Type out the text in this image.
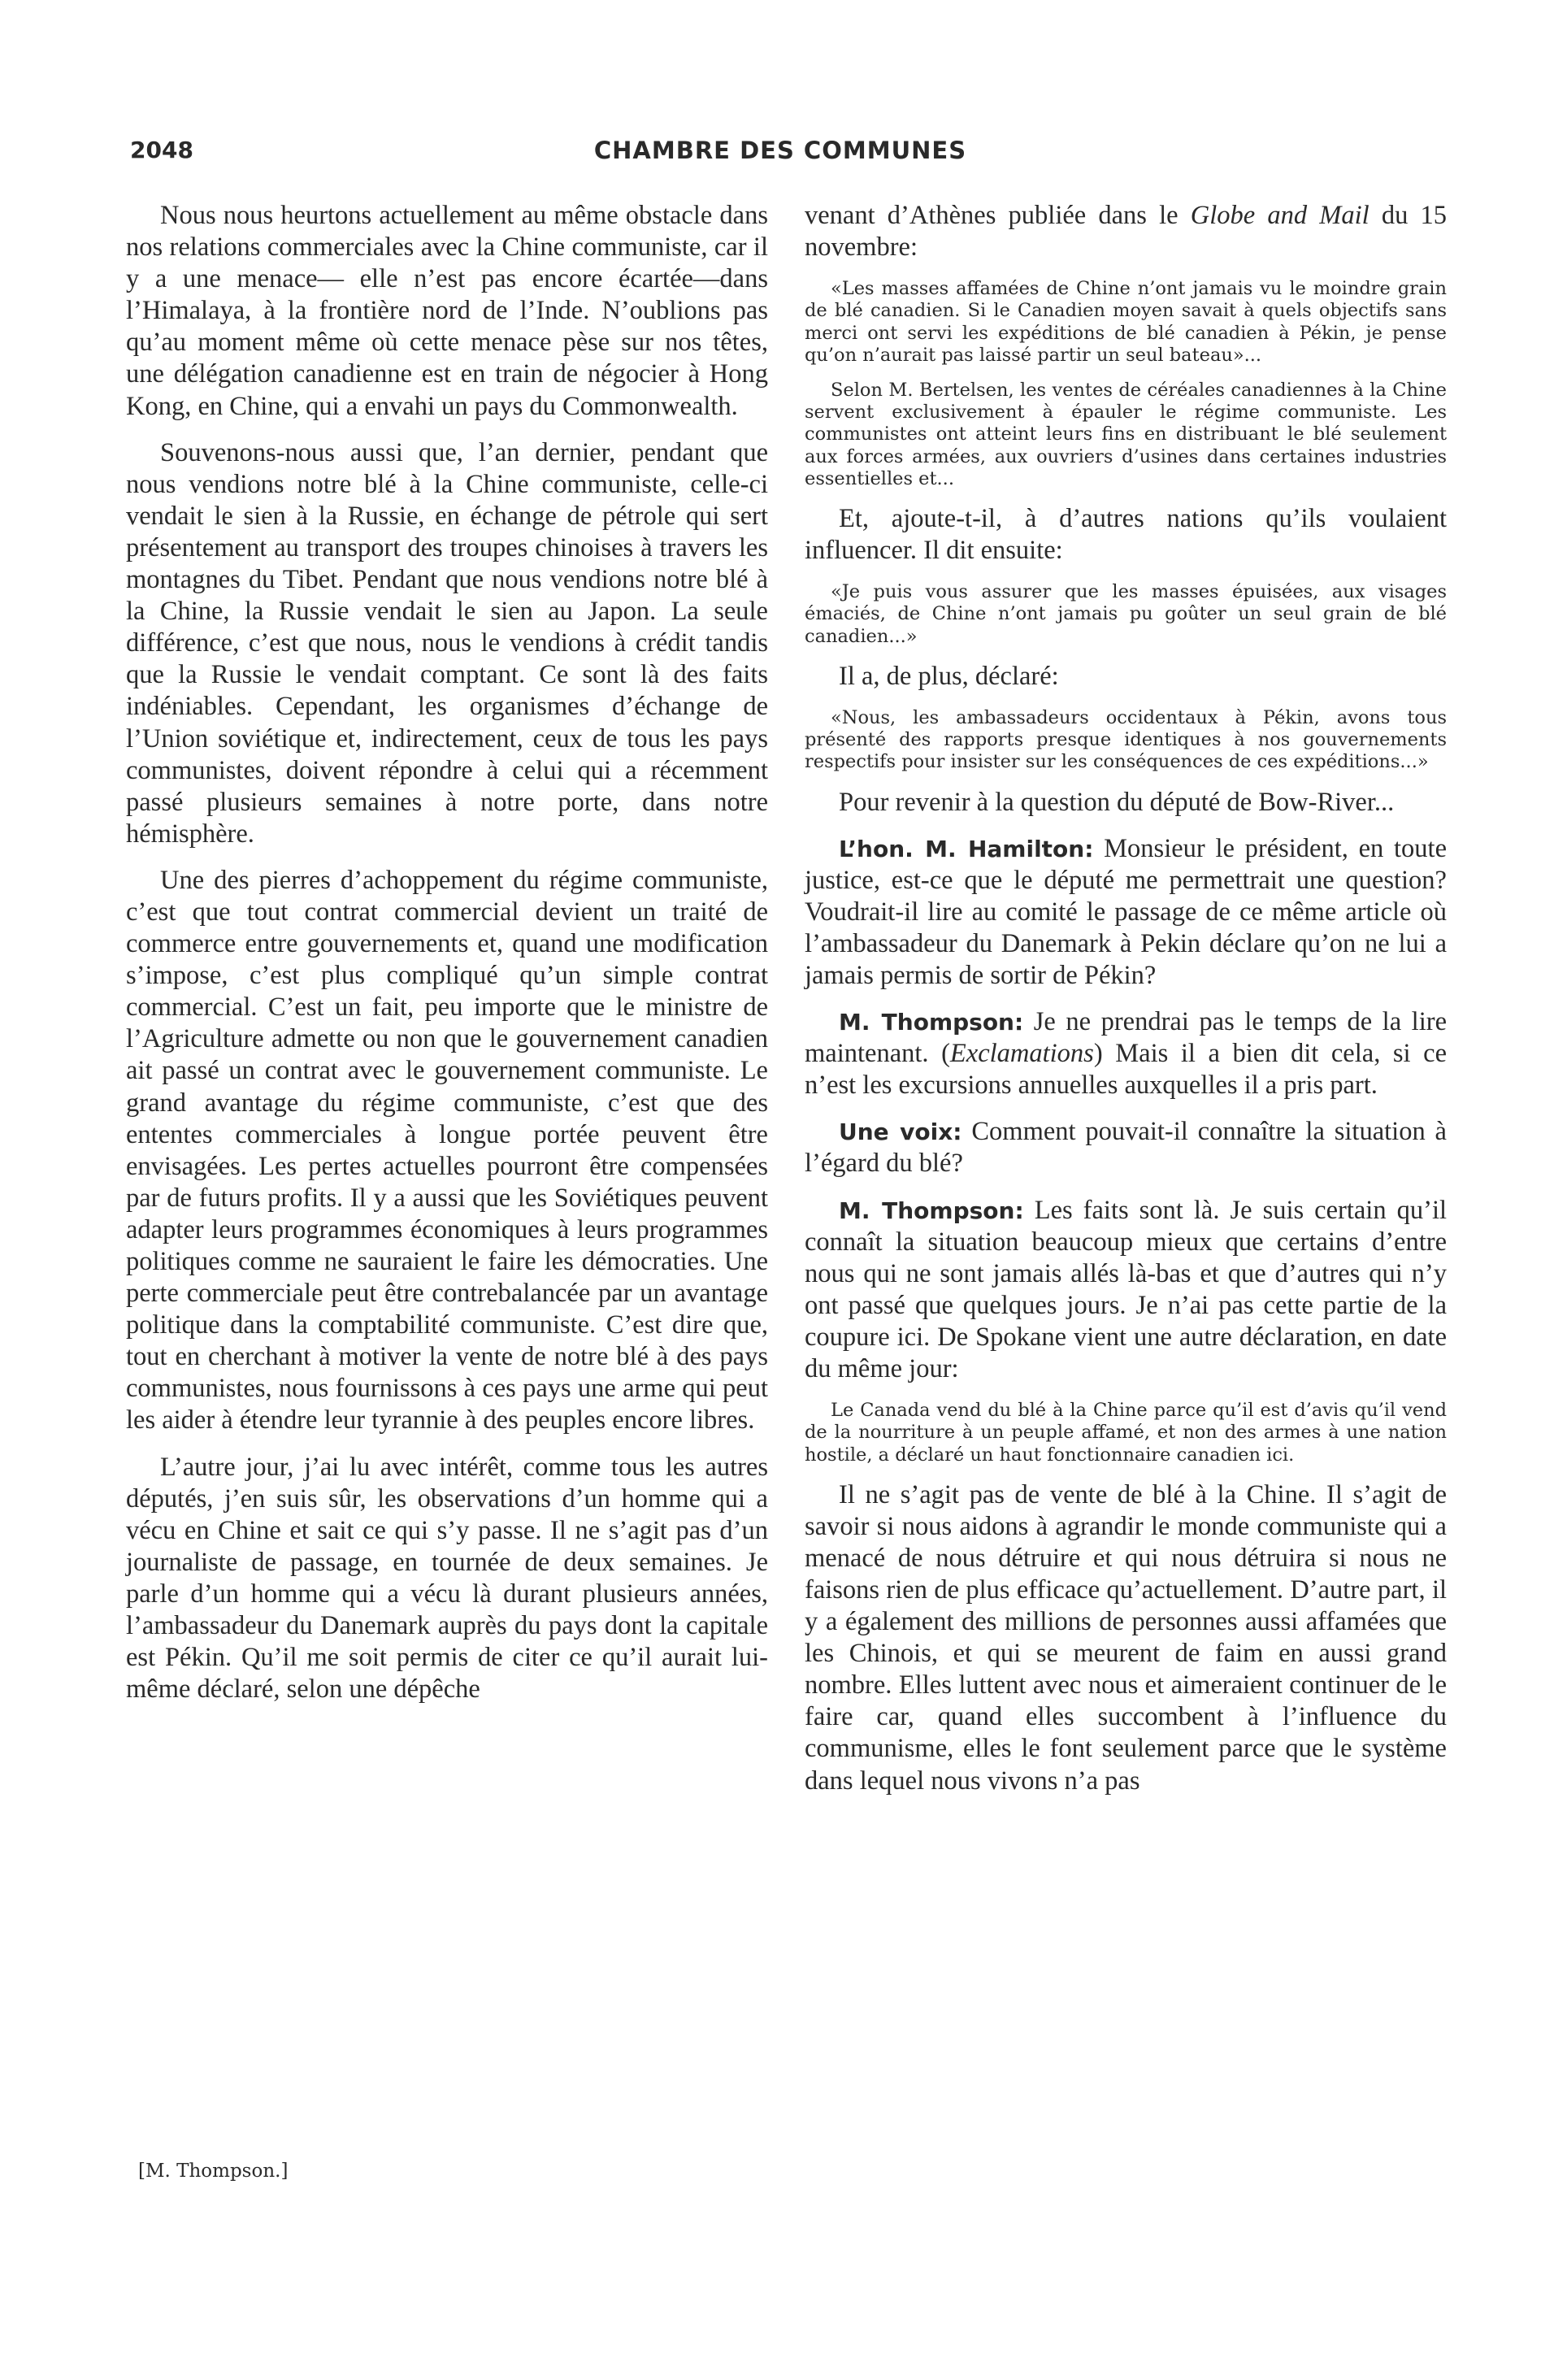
2048	CHAMBRE DES COMMUNES

Nous nous heurtons actuellement au même obstacle dans nos relations commerciales avec la Chine communiste, car il y a une menace— elle n’est pas encore écartée—dans l’Himalaya, à la frontière nord de l’Inde. N’oublions pas qu’au moment même où cette menace pèse sur nos têtes, une délégation canadienne est en train de négocier à Hong Kong, en Chine, qui a envahi un pays du Commonwealth.

Souvenons-nous aussi que, l’an dernier, pendant que nous vendions notre blé à la Chine communiste, celle-ci vendait le sien à la Russie, en échange de pétrole qui sert présentement au transport des troupes chinoises à travers les montagnes du Tibet. Pendant que nous vendions notre blé à la Chine, la Russie vendait le sien au Japon. La seule différence, c’est que nous, nous le vendions à crédit tandis que la Russie le vendait comptant. Ce sont là des faits indéniables. Cependant, les organismes d’échange de l’Union soviétique et, indirectement, ceux de tous les pays communistes, doivent répondre à celui qui a récemment passé plusieurs semaines à notre porte, dans notre hémisphère.

Une des pierres d’achoppement du régime communiste, c’est que tout contrat commercial devient un traité de commerce entre gouvernements et, quand une modification s’impose, c’est plus compliqué qu’un simple contrat commercial. C’est un fait, peu importe que le ministre de l’Agriculture admette ou non que le gouvernement canadien ait passé un contrat avec le gouvernement communiste. Le grand avantage du régime communiste, c’est que des ententes commerciales à longue portée peuvent être envisagées. Les pertes actuelles pourront être compensées par de futurs profits. Il y a aussi que les Soviétiques peuvent adapter leurs programmes économiques à leurs programmes politiques comme ne sauraient le faire les démocraties. Une perte commerciale peut être contrebalancée par un avantage politique dans la comptabilité communiste. C’est dire que, tout en cherchant à motiver la vente de notre blé à des pays communistes, nous fournissons à ces pays une arme qui peut les aider à étendre leur tyrannie à des peuples encore libres.

L’autre jour, j’ai lu avec intérêt, comme tous les autres députés, j’en suis sûr, les observations d’un homme qui a vécu en Chine et sait ce qui s’y passe. Il ne s’agit pas d’un journaliste de passage, en tournée de deux semaines. Je parle d’un homme qui a vécu là durant plusieurs années, l’ambassadeur du Danemark auprès du pays dont la capitale est Pékin. Qu’il me soit permis de citer ce qu’il aurait lui-même déclaré, selon une dépêche

venant d’Athènes publiée dans le Globe and Mail du 15 novembre:

«Les masses affamées de Chine n’ont jamais vu le moindre grain de blé canadien. Si le Canadien moyen savait à quels objectifs sans merci ont servi les expéditions de blé canadien à Pékin, je pense qu’on n’aurait pas laissé partir un seul bateau»...

Selon M. Bertelsen, les ventes de céréales canadiennes à la Chine servent exclusivement à épauler le régime communiste. Les communistes ont atteint leurs fins en distribuant le blé seulement aux forces armées, aux ouvriers d’usines dans certaines industries essentielles et...

Et, ajoute-t-il, à d’autres nations qu’ils voulaient influencer. Il dit ensuite:

«Je puis vous assurer que les masses épuisées, aux visages émaciés, de Chine n’ont jamais pu goûter un seul grain de blé canadien...»

Il a, de plus, déclaré:

«Nous, les ambassadeurs occidentaux à Pékin, avons tous présenté des rapports presque identiques à nos gouvernements respectifs pour insister sur les conséquences de ces expéditions...»

Pour revenir à la question du député de Bow-River...

L’hon. M. Hamilton: Monsieur le président, en toute justice, est-ce que le député me permettrait une question? Voudrait-il lire au comité le passage de ce même article où l’ambassadeur du Danemark à Pekin déclare qu’on ne lui a jamais permis de sortir de Pékin?

M. Thompson: Je ne prendrai pas le temps de la lire maintenant. (Exclamations) Mais il a bien dit cela, si ce n’est les excursions annuelles auxquelles il a pris part.

Une voix: Comment pouvait-il connaître la situation à l’égard du blé?

M. Thompson: Les faits sont là. Je suis certain qu’il connaît la situation beaucoup mieux que certains d’entre nous qui ne sont jamais allés là-bas et que d’autres qui n’y ont passé que quelques jours. Je n’ai pas cette partie de la coupure ici. De Spokane vient une autre déclaration, en date du même jour:

Le Canada vend du blé à la Chine parce qu’il est d’avis qu’il vend de la nourriture à un peuple affamé, et non des armes à une nation hostile, a déclaré un haut fonctionnaire canadien ici.

Il ne s’agit pas de vente de blé à la Chine. Il s’agit de savoir si nous aidons à agrandir le monde communiste qui a menacé de nous détruire et qui nous détruira si nous ne faisons rien de plus efficace qu’actuellement. D’autre part, il y a également des millions de personnes aussi affamées que les Chinois, et qui se meurent de faim en aussi grand nombre. Elles luttent avec nous et aimeraient continuer de le faire car, quand elles succombent à l’influence du communisme, elles le font seulement parce que le système dans lequel nous vivons n’a pas

[M. Thompson.]
